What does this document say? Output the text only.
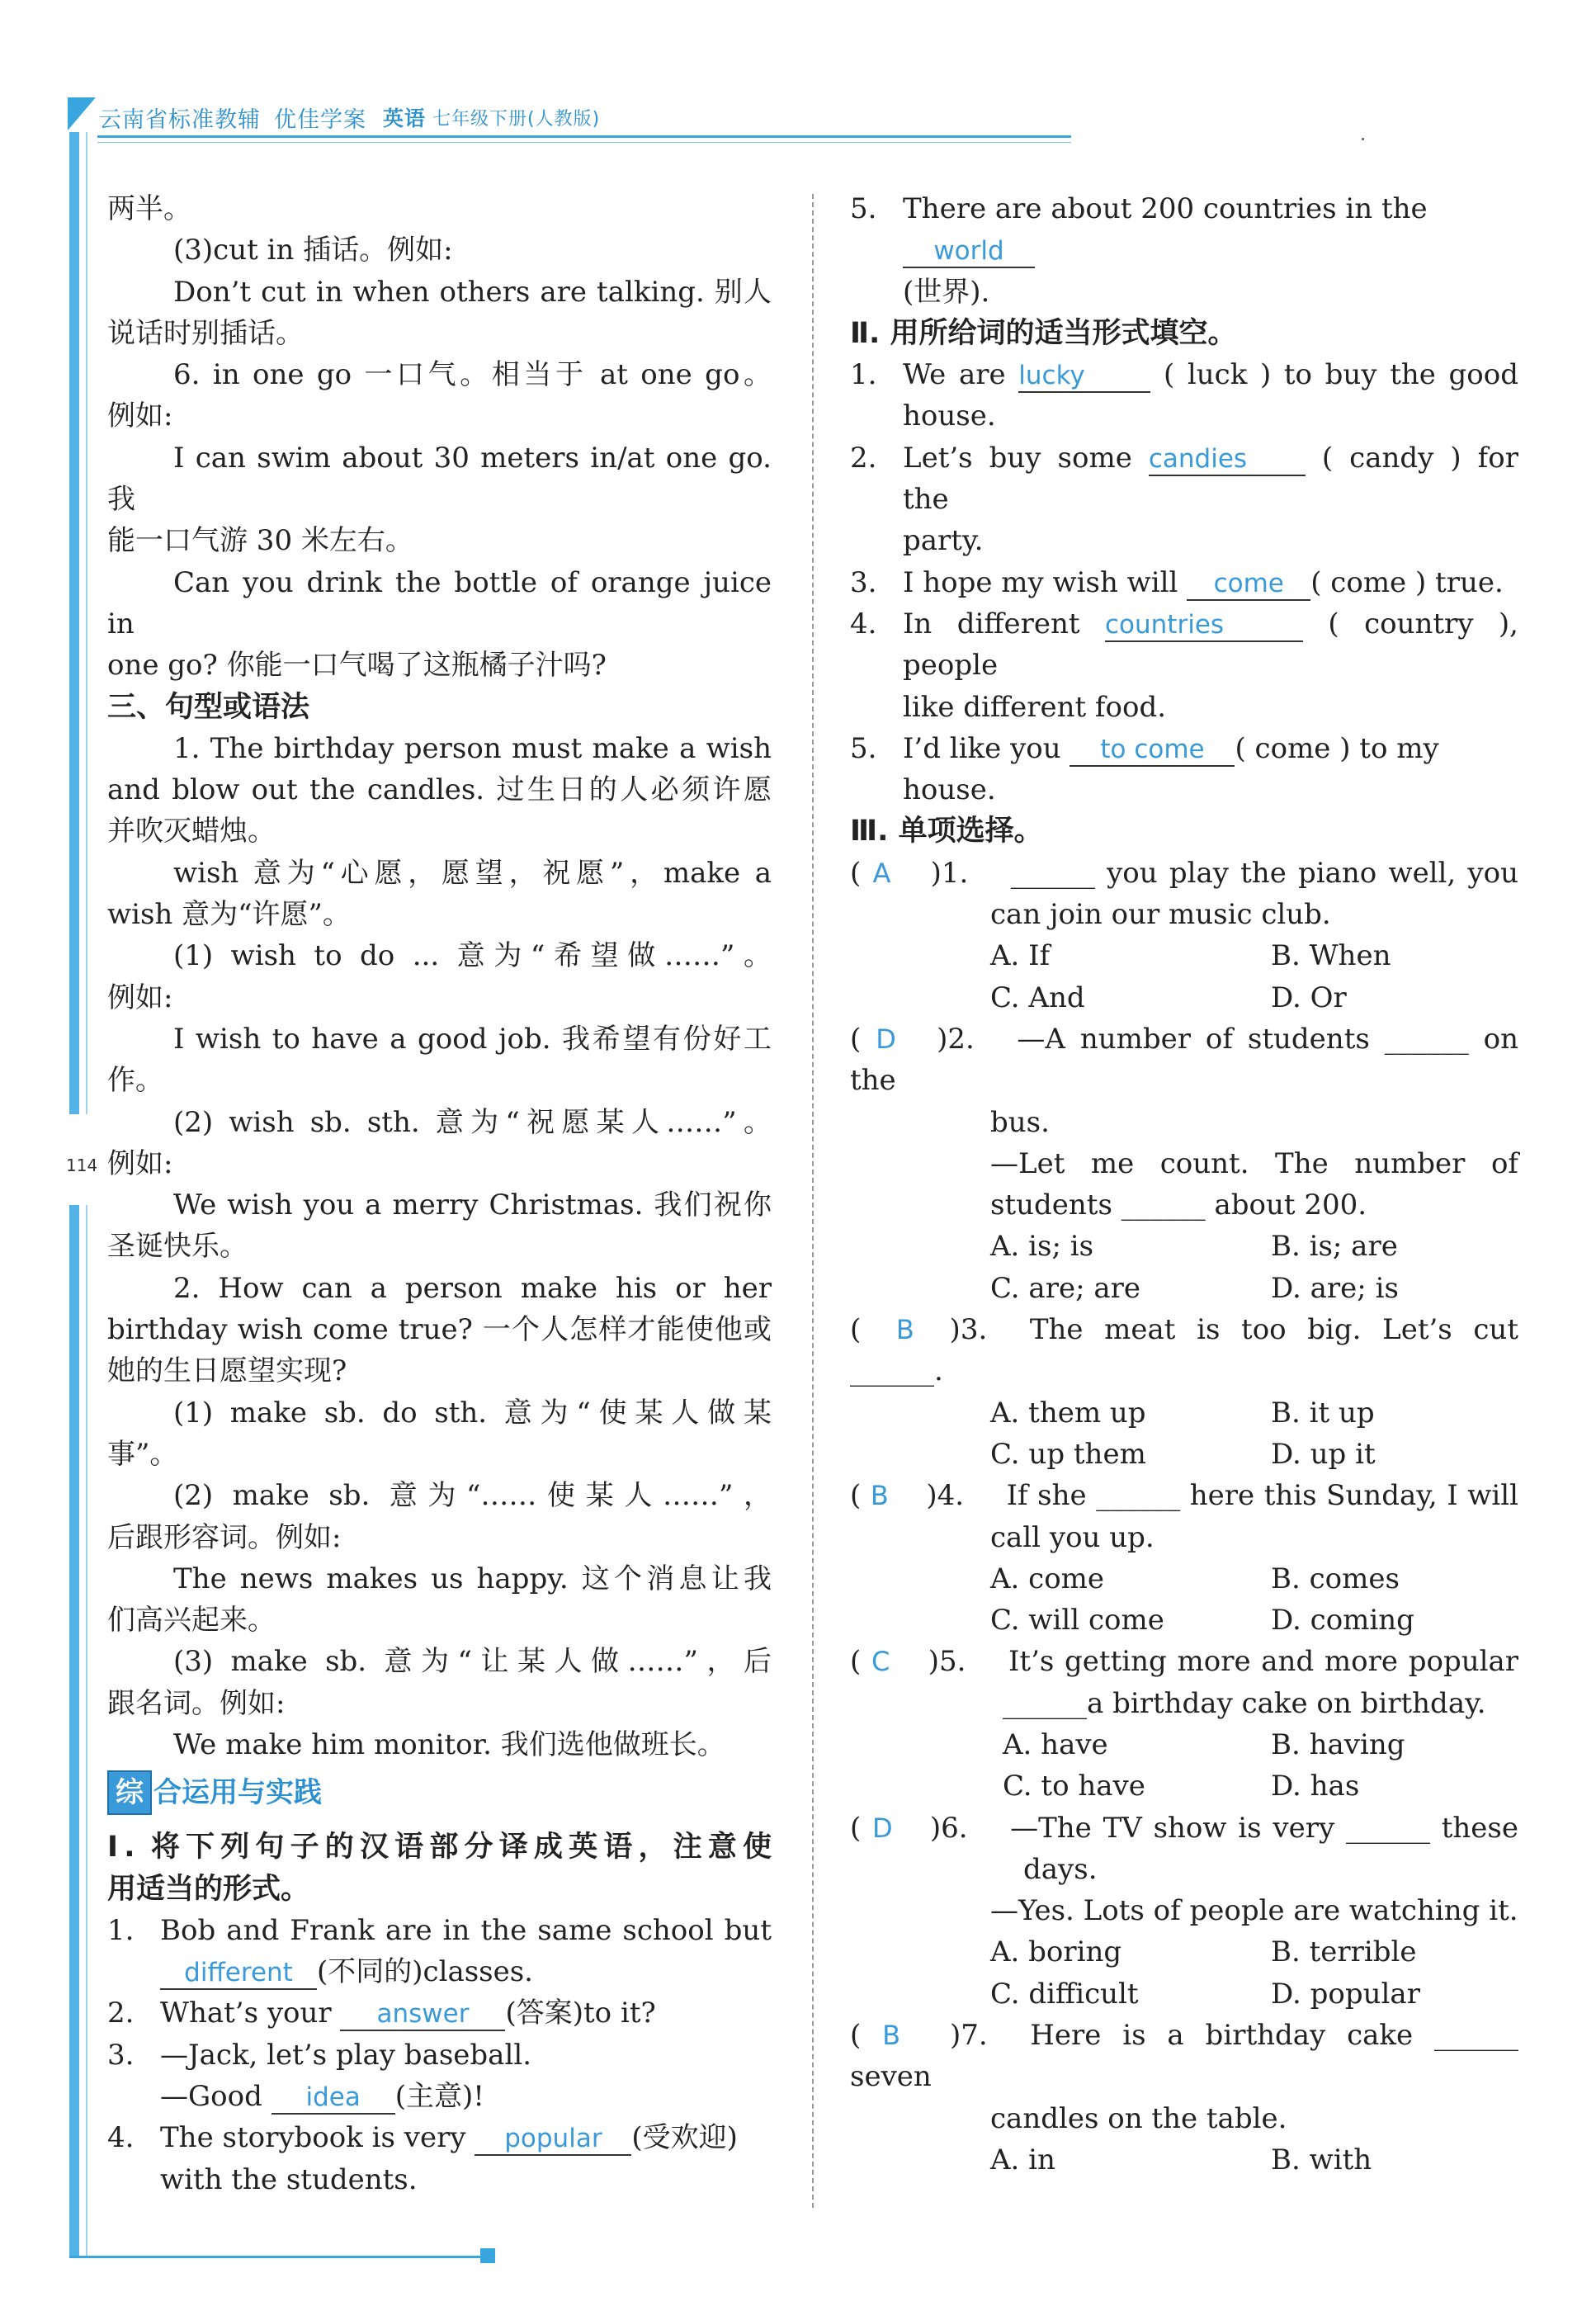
云南省标准教辅 优佳学案 英语 七年级下册(人教版)
114

两半。

(3)cut in 插话。例如:

Don’t cut in when others are talking. 别人

说话时别插话。

6. in one go 一口气。相当于 at one go。

例如:

I can swim about 30 meters in/at one go. 我

能一口气游 30 米左右。

Can you drink the bottle of orange juice in

one go? 你能一口气喝了这瓶橘子汁吗?

三、句型或语法

1. The birthday person must make a wish

and blow out the candles. 过生日的人必须许愿

并吹灭蜡烛。

wish 意为“心愿，愿望，祝愿”，make a

wish 意为“许愿”。

(1) wish to do ... 意为“希望做……”。

例如:

I wish to have a good job. 我希望有份好工

作。

(2) wish sb. sth. 意为“祝愿某人……”。

例如:

We wish you a merry Christmas. 我们祝你

圣诞快乐。

2. How can a person make his or her

birthday wish come true? 一个人怎样才能使他或

她的生日愿望实现?

(1) make sb. do sth. 意为“使某人做某

事”。

(2) make sb. 意为“……使某人……”，

后跟形容词。例如:

The news makes us happy. 这个消息让我

们高兴起来。

(3) make sb. 意为“让某人做……”，后

跟名词。例如:

We make him monitor. 我们选他做班长。

综 合运用与实践

Ⅰ. 将下列句子的汉语部分译成英语，注意使

用适当的形式。

1. Bob and Frank are in the same school but

different (不同的)classes.

2. What’s your answer (答案)to it?
3. —Jack, let’s play baseball.

—Good idea (主意)!

4. The storybook is very popular (受欢迎)

with the students.

5. There are about 200 countries in the world

(世界).

Ⅱ. 用所给词的适当形式填空。

1. We are lucky	( luck ) to buy the good

house.

2. Let’s buy some candies	( candy ) for the

party.

3. I hope my wish will come ( come ) true.
4. In different countries	( country ), people

like different food.

5. I’d like you to come ( come ) to my house.

Ⅲ. 单项选择。

( A )1. ______ you play the piano well, you

can join our music club.

A. If	B. When
C. And	D. Or

( D )2. —A number of students ______ on the

bus.

—Let me count. The number of

students ______ about 200.

A. is; is	B. is; are
C. are; are	D. are; is

( B )3. The meat is too big. Let’s cut ______.

A. them up	B. it up
C. up them	D. up it

( B )4. If she ______ here this Sunday, I will

call you up.

A. come	B. comes
C. will come	D. coming

( C )5. It’s getting more and more popular

______a birthday cake on birthday.

A. have	B. having
C. to have	D. has

( D )6. —The TV show is very ______ these

days.

—Yes. Lots of people are watching it.

A. boring	B. terrible
C. difficult	D. popular

( B )7. Here is a birthday cake ______ seven

candles on the table.

A. in	B. with
